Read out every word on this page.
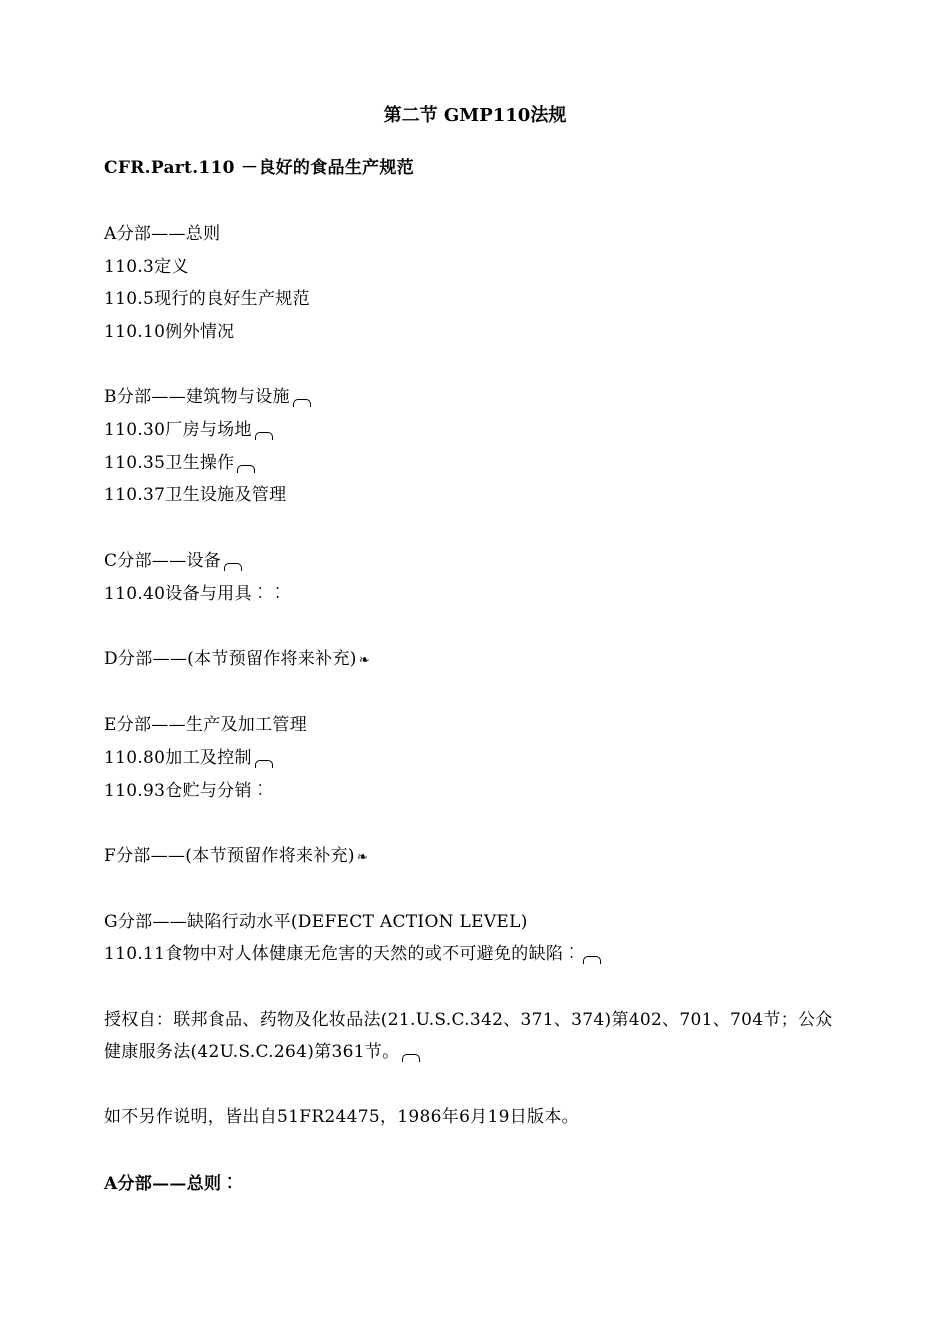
第二节 GMP110法规
CFR.Part.110 －良好的食品生产规范
A分部——总则
110.3定义
110.5现行的良好生产规范
110.10例外情况
B分部——建筑物与设施
110.30厂房与场地
110.35卫生操作
110.37卫生设施及管理
C分部——设备
110.40设备与用具︰︰
D分部——(本节预留作将来补充) ❧
E分部——生产及加工管理
110.80加工及控制
110.93仓贮与分销︰
F分部——(本节预留作将来补充) ❧
G分部——缺陷行动水平(DEFECT ACTION LEVEL)
110.11食物中对人体健康无危害的天然的或不可避免的缺陷︰
授权自：联邦食品、药物及化妆品法(21.U.S.C.342、371、374)第402、701、704节；公众健康服务法(42U.S.C.264)第361节。
如不另作说明，皆出自51FR24475，1986年6月19日版本。
A分部——总则︰
